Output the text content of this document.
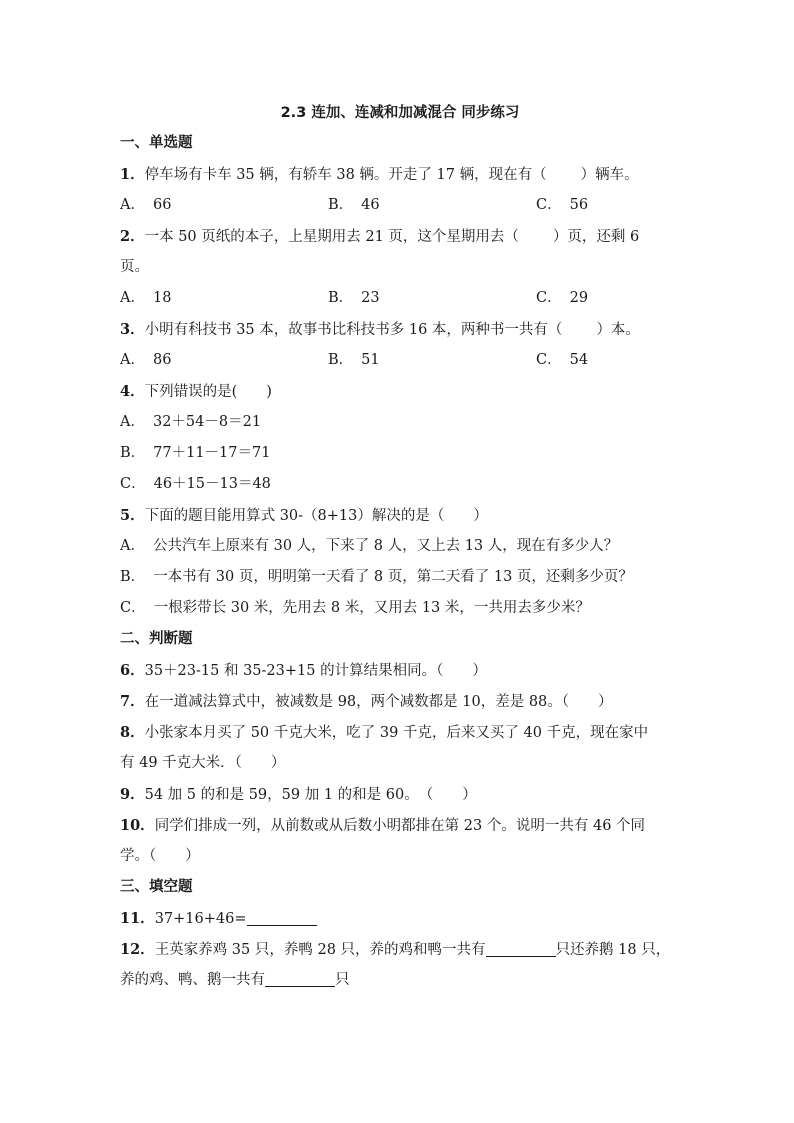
2.3 连加、连减和加减混合 同步练习
一、单选题
1．停车场有卡车 35 辆，有轿车 38 辆。开走了 17 辆，现在有（ ）辆车。
A． 66	B． 46	C． 56
2．一本 50 页纸的本子，上星期用去 21 页，这个星期用去（ ）页，还剩 6
页。
A． 18	B． 23	C． 29
3．小明有科技书 35 本，故事书比科技书多 16 本，两种书一共有（ ）本。
A． 86	B． 51	C． 54
4．下列错误的是(　　)
A． 32＋54－8＝21
B． 77＋11－17＝71
C． 46＋15－13＝48
5．下面的题目能用算式 30-（8+13）解决的是（　　）
A． 公共汽车上原来有 30 人，下来了 8 人，又上去 13 人，现在有多少人？
B． 一本书有 30 页，明明第一天看了 8 页，第二天看了 13 页，还剩多少页？
C． 一根彩带长 30 米，先用去 8 米，又用去 13 米，一共用去多少米？
二、判断题
6．35＋23-15 和 35-23+15 的计算结果相同。（　　）
7．在一道减法算式中，被减数是 98，两个减数都是 10，差是 88。（　　）
8．小张家本月买了 50 千克大米，吃了 39 千克，后来又买了 40 千克，现在家中
有 49 千克大米．（　　）
9．54 加 5 的和是 59，59 加 1 的和是 60。　（　　）
10．同学们排成一列，从前数或从后数小明都排在第 23 个。说明一共有 46 个同
学。（　　）
三、填空题
11．37+16+46=
12．王英家养鸡 35 只，养鸭 28 只，养的鸡和鸭一共有	只还养鹅 18 只，
养的鸡、鸭、鹅一共有	只
